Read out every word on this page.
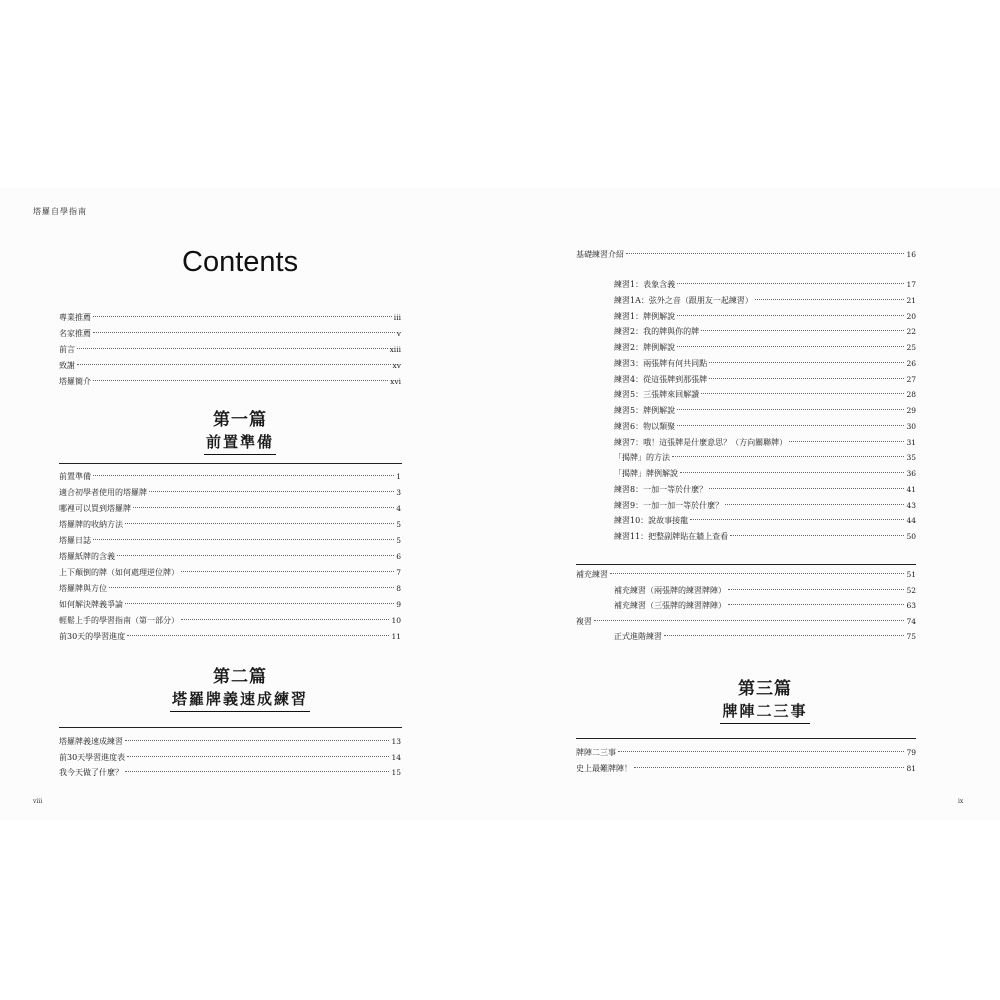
塔羅自學指南
Contents
專業推薦	iii
名家推薦	v
前言	xiii
致謝	xv
塔羅簡介	xvi
第一篇
前置準備
前置準備	1
適合初學者使用的塔羅牌	3
哪裡可以買到塔羅牌	4
塔羅牌的收納方法	5
塔羅日誌	5
塔羅紙牌的含義	6
上下顛倒的牌（如何處理逆位牌）	7
塔羅牌與方位	8
如何解決牌義爭論	9
輕鬆上手的學習指南（第一部分）	10
前30天的學習進度	11
第二篇
塔羅牌義速成練習
塔羅牌義速成練習	13
前30天學習進度表	14
我今天做了什麼？	15
viii
基礎練習介紹	16
練習1：表象含義	17
練習1A：弦外之音（跟朋友一起練習）	21
練習1：牌例解說	20
練習2：我的牌與你的牌	22
練習2：牌例解說	25
練習3：兩張牌有何共同點	26
練習4：從這張牌到那張牌	27
練習5：三張牌來回解讀	28
練習5：牌例解說	29
練習6：物以類聚	30
練習7：哦！這張牌是什麼意思？（方向關聯牌）	31
「揭牌」的方法	35
「揭牌」牌例解說	36
練習8：一加一等於什麼？	41
練習9：一加一加一等於什麼？	43
練習10：說故事接龍	44
練習11：把整副牌貼在牆上查看	50
補充練習	51
補充練習（兩張牌的練習牌陣）	52
補充練習（三張牌的練習牌陣）	63
複習	74
正式進階練習	75
第三篇
牌陣二三事
牌陣二三事	79
史上最難牌陣！	81
ix
